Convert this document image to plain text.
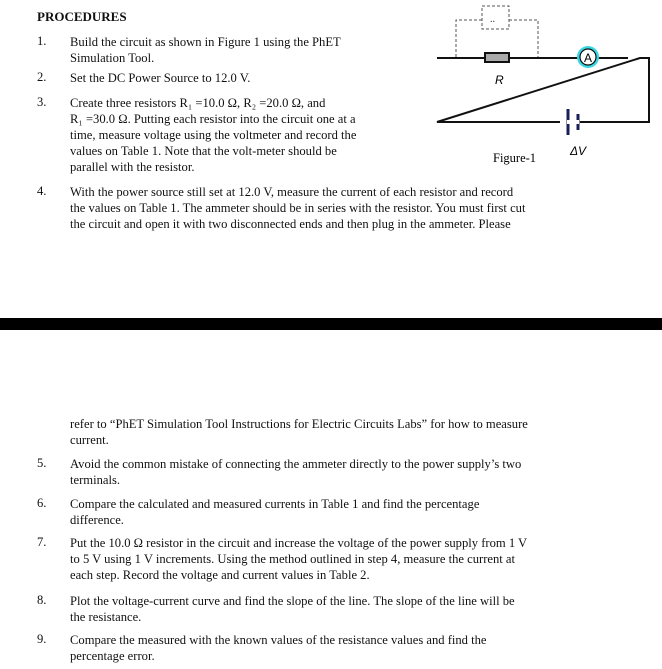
PROCEDURES	..
R
A
ΔV
Figure-1
1. Build the circuit as shown in Figure 1 using the PhET
Simulation Tool.
2. Set the DC Power Source to 12.0 V.
3. Create three resistors R₁ =10.0 Ω, R₂ =20.0 Ω, and
R₁ =30.0 Ω. Putting each resistor into the circuit one at a
time, measure voltage using the voltmeter and record the
values on Table 1. Note that the volt-meter should be
parallel with the resistor.
4. With the power source still set at 12.0 V, measure the current of each resistor and record
the values on Table 1. The ammeter should be in series with the resistor. You must first cut
the circuit and open it with two disconnected ends and then plug in the ammeter. Please
refer to “PhET Simulation Tool Instructions for Electric Circuits Labs” for how to measure
current.
5. Avoid the common mistake of connecting the ammeter directly to the power supply’s two
terminals.
6. Compare the calculated and measured currents in Table 1 and find the percentage
difference.
7. Put the 10.0 Ω resistor in the circuit and increase the voltage of the power supply from 1 V
to 5 V using 1 V increments. Using the method outlined in step 4, measure the current at
each step. Record the voltage and current values in Table 2.
8. Plot the voltage-current curve and find the slope of the line. The slope of the line will be
the resistance.
9. Compare the measured with the known values of the resistance values and find the
percentage error.
